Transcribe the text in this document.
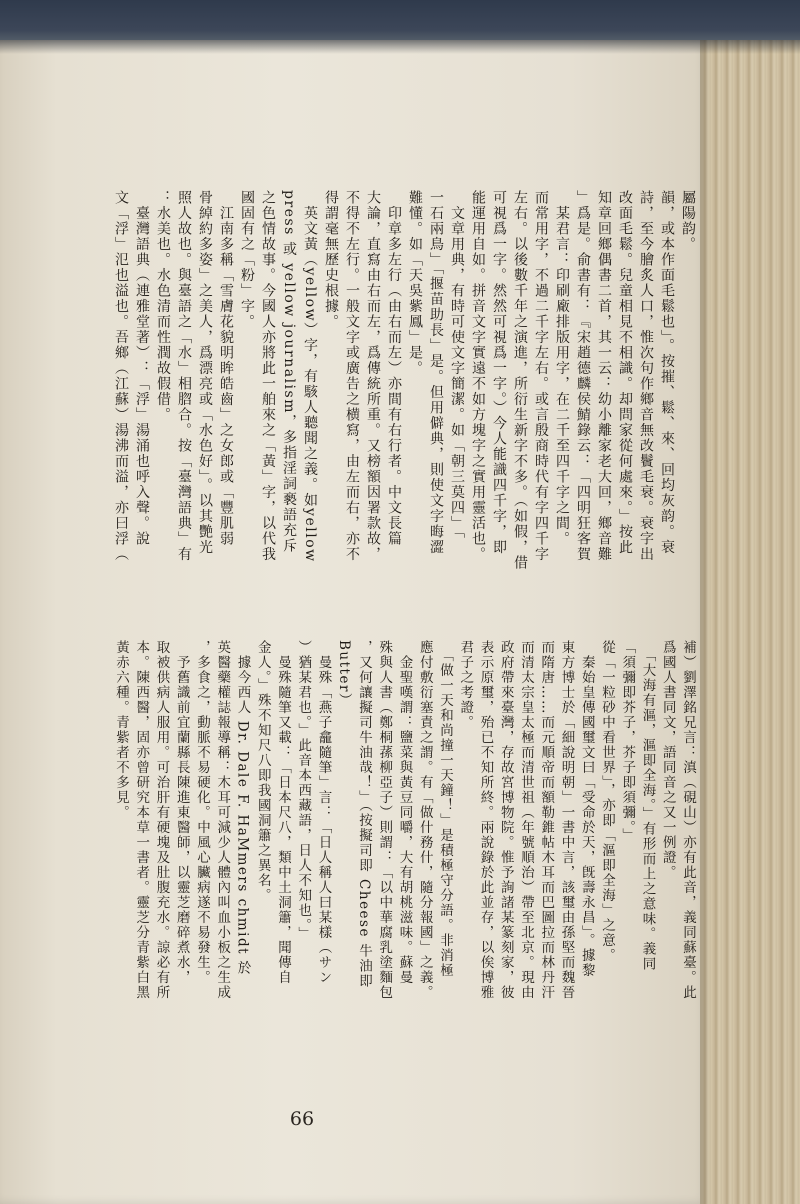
屬陽韵。
韻，或本作面毛鬆也」。按摧、鬆、來、回均灰韵。衰
詩，至今膾炙人口，惟次句作鄉音無改鬢毛衰。衰字出
改面毛鬆。兒童相見不相識。却問家從何處來。」按此
知章回鄉偶書二首，其一云：幼小離家老大回，鄉音難
」爲是。俞書有：『宋趙德麟侯鯖錄云：「四明狂客賀
　某君言：印刷廠排版用字，在二千至四千字之間。
而常用字，不過二千字左右。或言殷商時代有字四千字
左右。以後數千年之演進，所衍生新字不多。（如假，借
可視爲一字。然然可視爲一字。）今人能識四千字，即
能運用自如。拼音文字實遠不如方塊字之實用靈活也。
　文章用典，有時可使文字簡潔。如「朝三莫四」「
一石兩鳥」「揠苗助長」是。但用僻典，則使文字晦澀
難懂。如「天吳紫鳳」是。
　印章多左行（由右而左）亦間有右行者。中文長篇
大論，直寫由右而左，爲傳統所重。又榜額因署款故，
不得不左行。一般文字或廣告之横寫，由左而右，亦不
得謂毫無歷史根據。
　英文黃（yellow）字，有駭人聽聞之義。如yellow
press 或 yellow journalism，多指淫詞褻語充斥
之色情故事。今國人亦將此一舶來之「黃」字，以代我
國固有之「粉」字。
　江南多稱「雪膚花貌明眸皓齒」之女郎或「豐肌弱
骨綽約多姿」之美人，爲漂亮或「水色好」。以其艷光
照人故也。與臺語之「水」相脗合。按「臺灣語典」有
：水美也。水色清而性潤故假借。
　臺灣語典（連雅堂著）：「浮」湯涌也呼入聲。說
文「浮」氾也溢也。吾鄉（江蘇）湯沸而溢，亦曰浮（
補）劉澤銘兄言：滇（硯山）亦有此音，義同蘇臺。此
爲國人書同文，語同音之又一例證。
　「大海有漚，漚即全海。」有形而上之意味。義同
「須彌即芥子，芥子即須彌。」
從「一粒砂中看世界」，亦即「漚即全海」之意。
　秦始皇傳國璽文曰「受命於天，旣壽永昌」。據黎
東方博士於「細說明朝」一書中言，該璽由孫堅而魏晉
而隋唐……而元順帝而額勒錐帖木耳而巴圖拉而林丹汗
而清太宗皇太極而清世祖（年號順治）帶至北京。現由
政府帶來臺灣，存故宮博物院。惟予詢諸某篆刻家，彼
表示原璽，殆已不知所終。兩說錄於此並存，以俟博雅
君子之考證。
　「做一天和尚撞一天鐘！」是積極守分語。非消極
應付敷衍塞責之謂。有「做什務什，隨分報國」之義。
　金聖嘆謂：鹽菜與黃豆同嚼，大有胡桃滋味。蘇曼
殊與人書（鄭桐蓀柳亞子）則謂：「以中華腐乳塗麵包
，又何讓擬司牛油哉！」（按擬司即 Cheese 牛油即
Butter）
　曼殊「燕子龕隨筆」言：「日人稱人曰某樣（サン
）猶某君也。」此音本西藏語，日人不知也。」
　曼殊隨筆又載：「日本尺八，類中土洞簫，聞傳自
金人。」殊不知尺八即我國洞簫之異名。
　據今西人 Dr. Dale F. HaMmers chmidt 於
英醫藥權誌報導稱：木耳可減少人體內叫血小板之生成
，多食之，動脈不易硬化。中風心臟病遂不易發生。
　予舊識前宜蘭縣長陳進東醫師，以靈芝磨碎煮水，
取被供病人服用。可治肝有硬塊及肚腹充水。諒必有所
本。陳西醫，固亦曾研究本草一書者。靈芝分青紫白黑
黃赤六種。青紫者不多見。
66
